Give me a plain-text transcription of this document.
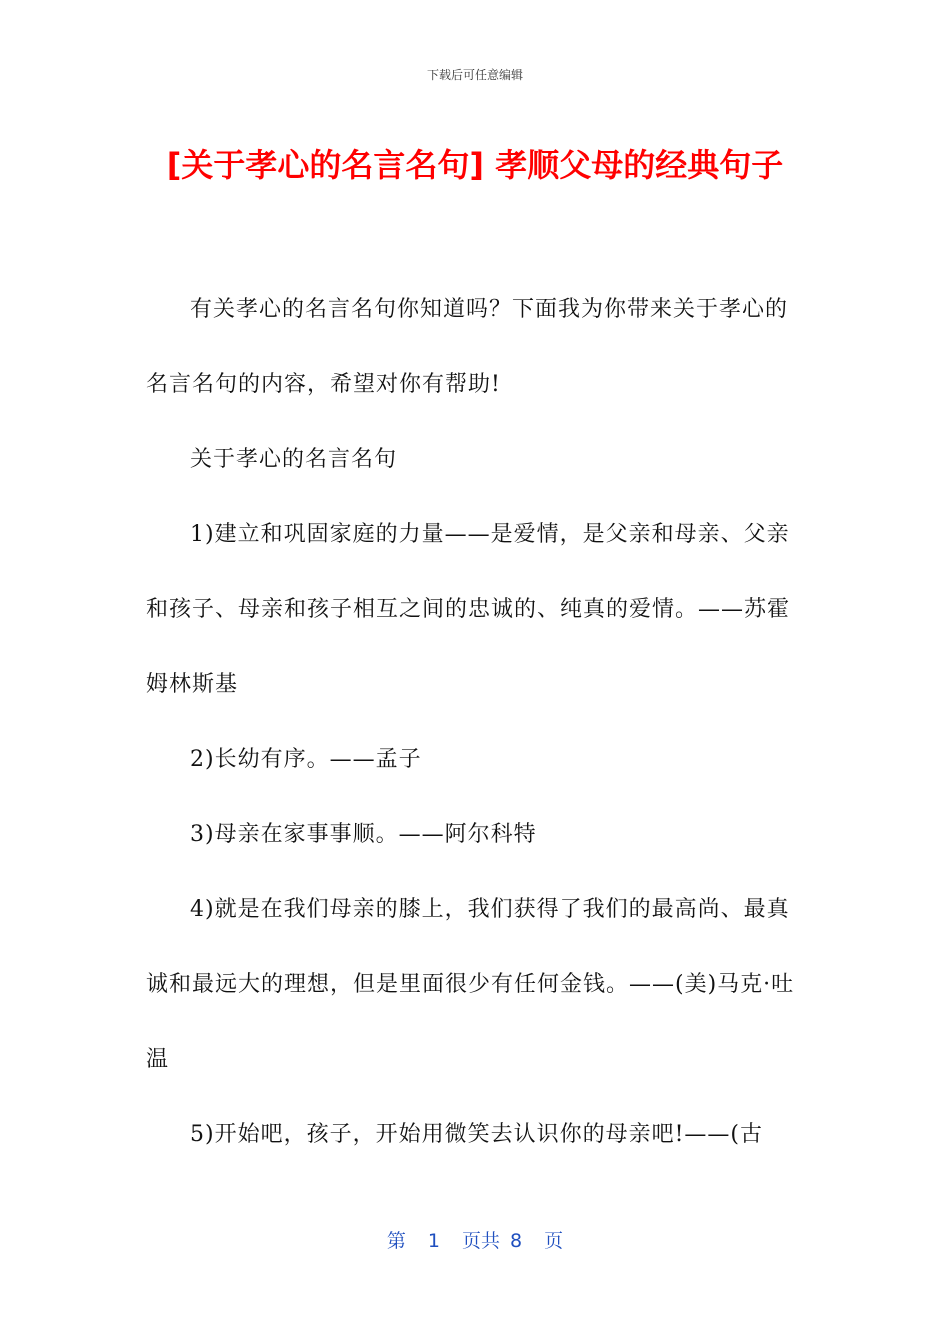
下载后可任意编辑
[关于孝心的名言名句] 孝顺父母的经典句子

有关孝心的名言名句你知道吗？下面我为你带来关于孝心的名言名句的内容，希望对你有帮助!

关于孝心的名言名句

1)建立和巩固家庭的力量——是爱情，是父亲和母亲、父亲和孩子、母亲和孩子相互之间的忠诚的、纯真的爱情。——苏霍姆林斯基

2)长幼有序。——孟子

3)母亲在家事事顺。——阿尔科特

4)就是在我们母亲的膝上，我们获得了我们的最高尚、最真诚和最远大的理想，但是里面很少有任何金钱。——(美)马克·吐温

5)开始吧，孩子，开始用微笑去认识你的母亲吧!——(古

第 1 页共 8 页
